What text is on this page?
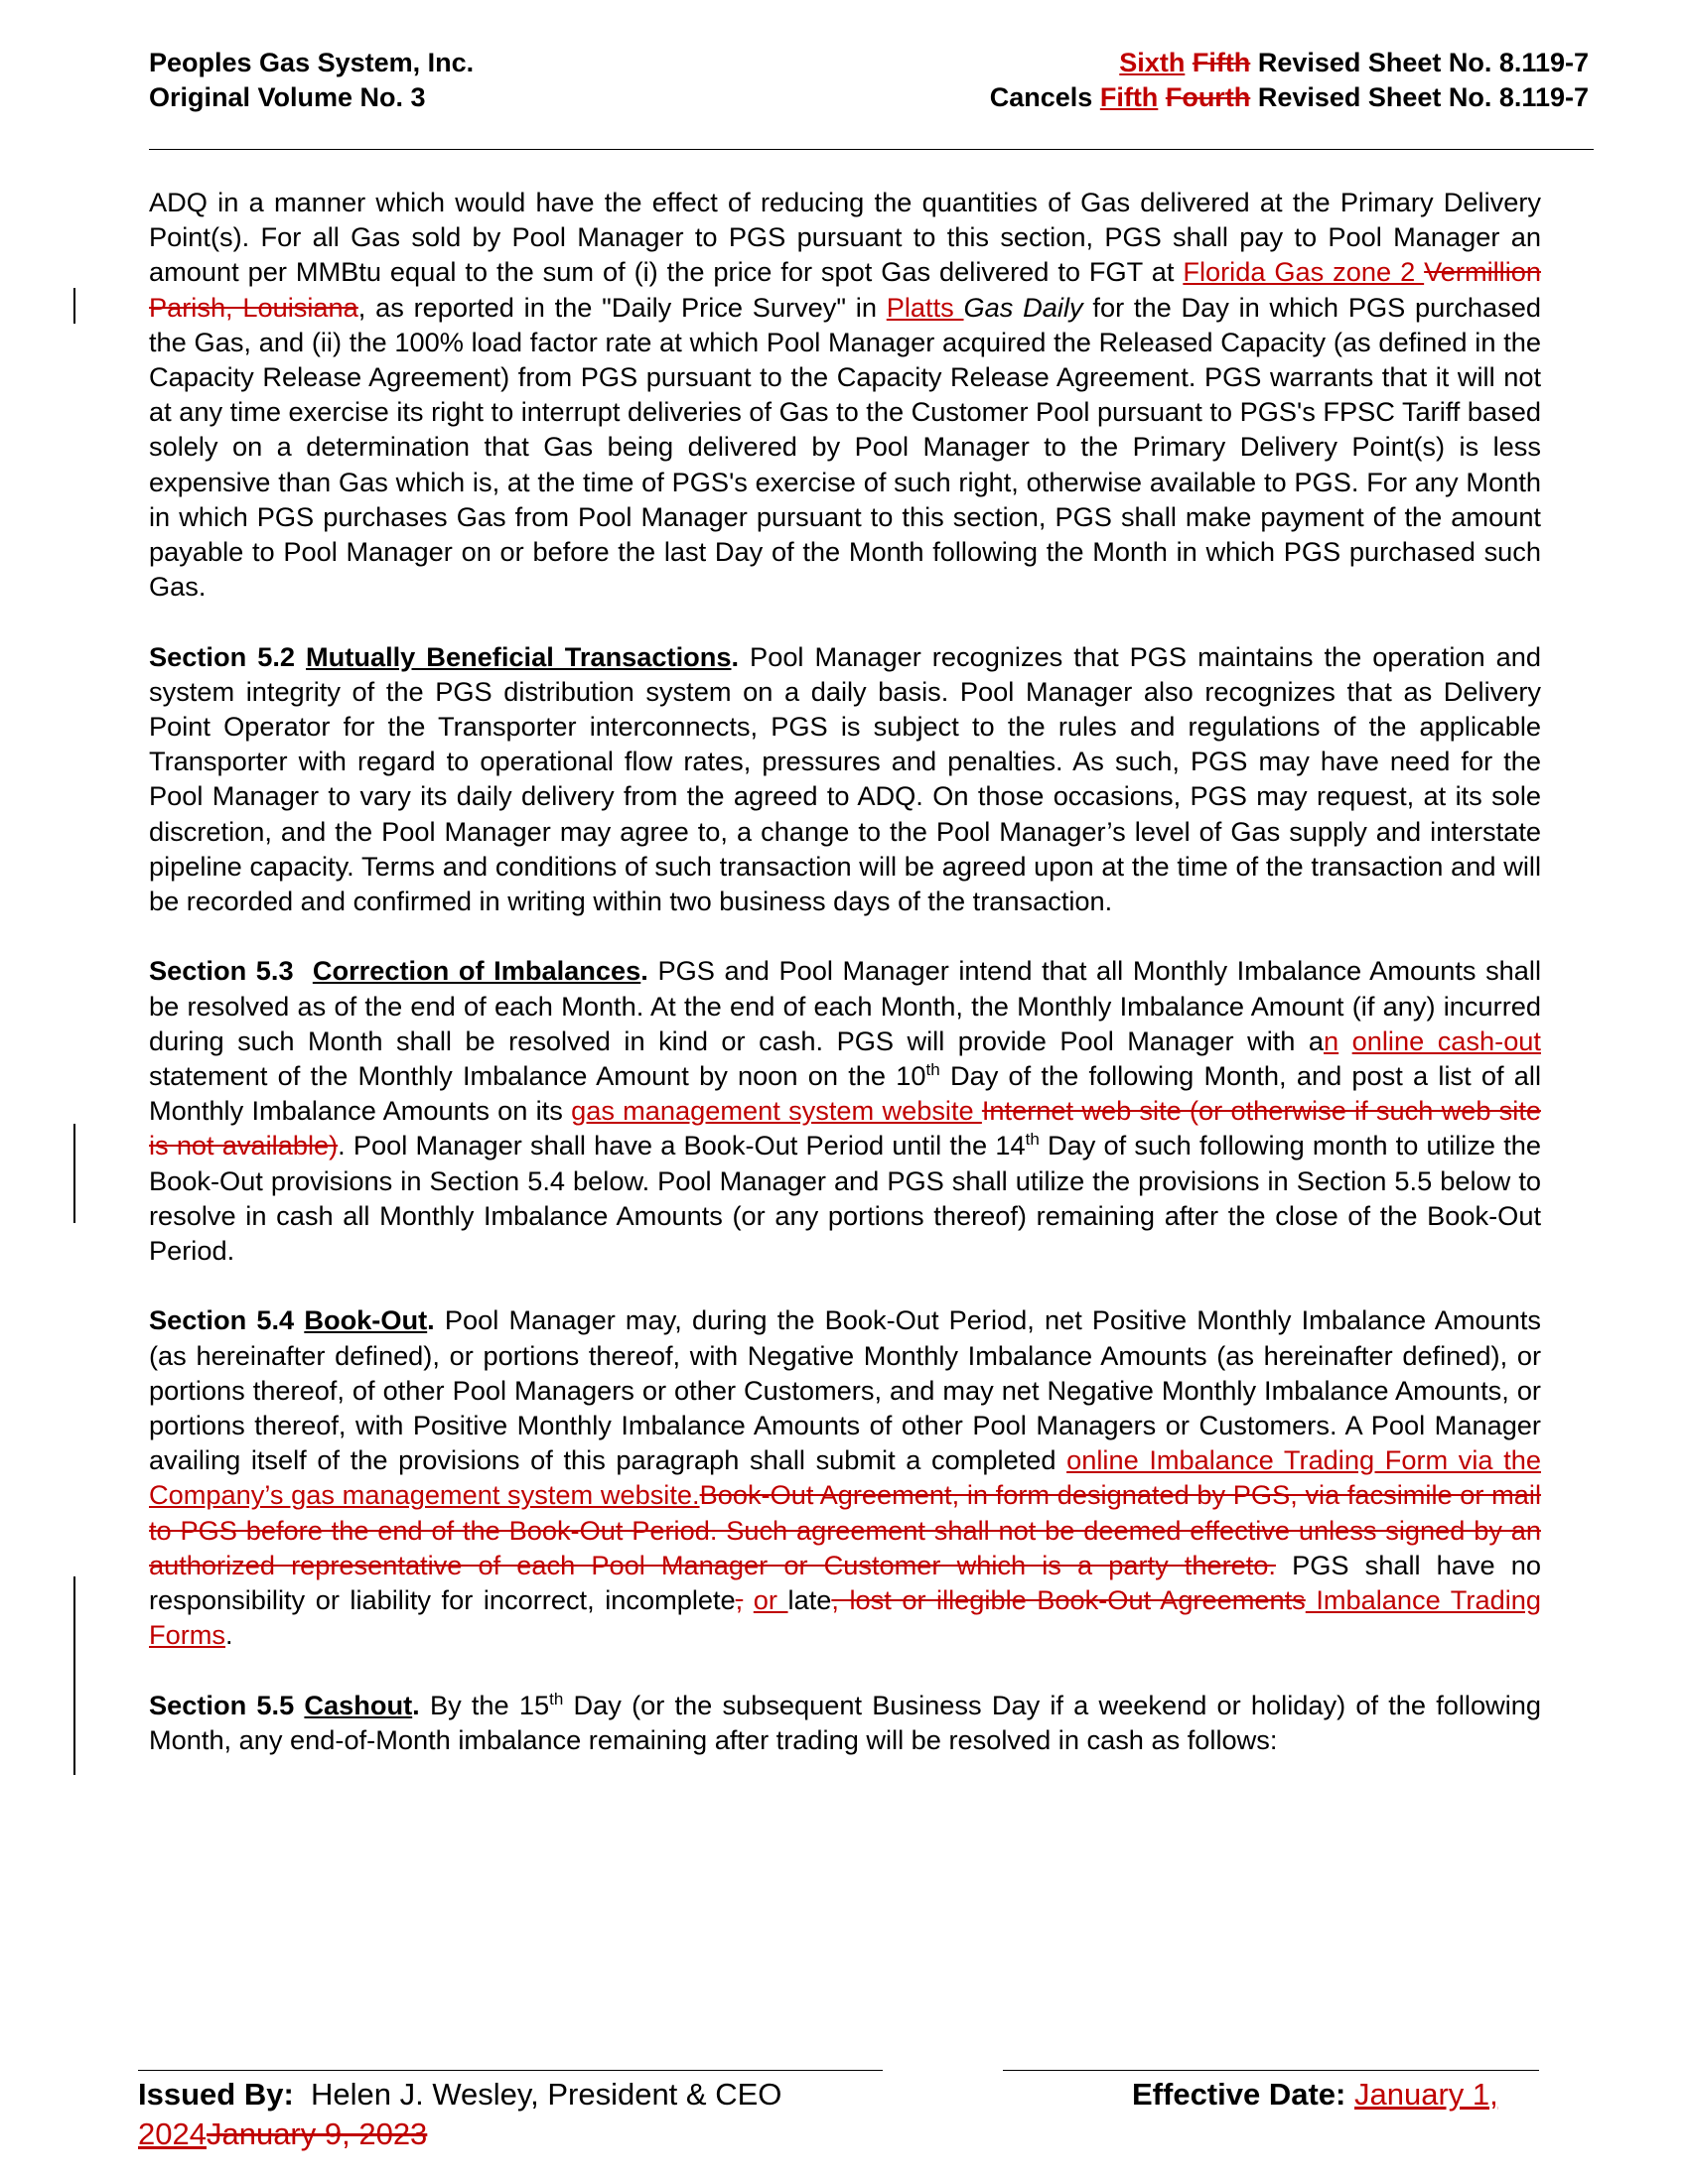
Peoples Gas System, Inc.
Original Volume No. 3
Sixth Fifth Revised Sheet No. 8.119-7
Cancels Fifth Fourth Revised Sheet No. 8.119-7

ADQ in a manner which would have the effect of reducing the quantities of Gas delivered at the Primary Delivery Point(s). For all Gas sold by Pool Manager to PGS pursuant to this section, PGS shall pay to Pool Manager an amount per MMBtu equal to the sum of (i) the price for spot Gas delivered to FGT at Florida Gas zone 2 Vermillion Parish, Louisiana, as reported in the "Daily Price Survey" in Platts Gas Daily for the Day in which PGS purchased the Gas, and (ii) the 100% load factor rate at which Pool Manager acquired the Released Capacity (as defined in the Capacity Release Agreement) from PGS pursuant to the Capacity Release Agreement. PGS warrants that it will not at any time exercise its right to interrupt deliveries of Gas to the Customer Pool pursuant to PGS's FPSC Tariff based solely on a determination that Gas being delivered by Pool Manager to the Primary Delivery Point(s) is less expensive than Gas which is, at the time of PGS's exercise of such right, otherwise available to PGS. For any Month in which PGS purchases Gas from Pool Manager pursuant to this section, PGS shall make payment of the amount payable to Pool Manager on or before the last Day of the Month following the Month in which PGS purchased such Gas.

Section 5.2 Mutually Beneficial Transactions. Pool Manager recognizes that PGS maintains the operation and system integrity of the PGS distribution system on a daily basis. Pool Manager also recognizes that as Delivery Point Operator for the Transporter interconnects, PGS is subject to the rules and regulations of the applicable Transporter with regard to operational flow rates, pressures and penalties. As such, PGS may have need for the Pool Manager to vary its daily delivery from the agreed to ADQ. On those occasions, PGS may request, at its sole discretion, and the Pool Manager may agree to, a change to the Pool Manager’s level of Gas supply and interstate pipeline capacity. Terms and conditions of such transaction will be agreed upon at the time of the transaction and will be recorded and confirmed in writing within two business days of the transaction.

Section 5.3 Correction of Imbalances. PGS and Pool Manager intend that all Monthly Imbalance Amounts shall be resolved as of the end of each Month. At the end of each Month, the Monthly Imbalance Amount (if any) incurred during such Month shall be resolved in kind or cash. PGS will provide Pool Manager with an online cash-out statement of the Monthly Imbalance Amount by noon on the 10th Day of the following Month, and post a list of all Monthly Imbalance Amounts on its gas management system website Internet web site (or otherwise if such web site is not available). Pool Manager shall have a Book-Out Period until the 14th Day of such following month to utilize the Book-Out provisions in Section 5.4 below. Pool Manager and PGS shall utilize the provisions in Section 5.5 below to resolve in cash all Monthly Imbalance Amounts (or any portions thereof) remaining after the close of the Book-Out Period.

Section 5.4 Book-Out. Pool Manager may, during the Book-Out Period, net Positive Monthly Imbalance Amounts (as hereinafter defined), or portions thereof, with Negative Monthly Imbalance Amounts (as hereinafter defined), or portions thereof, of other Pool Managers or other Customers, and may net Negative Monthly Imbalance Amounts, or portions thereof, with Positive Monthly Imbalance Amounts of other Pool Managers or Customers. A Pool Manager availing itself of the provisions of this paragraph shall submit a completed online Imbalance Trading Form via the Company’s gas management system website.Book-Out Agreement, in form designated by PGS, via facsimile or mail to PGS before the end of the Book-Out Period. Such agreement shall not be deemed effective unless signed by an authorized representative of each Pool Manager or Customer which is a party thereto. PGS shall have no responsibility or liability for incorrect, incomplete, or late, lost or illegible Book-Out Agreements Imbalance Trading Forms.

Section 5.5 Cashout. By the 15th Day (or the subsequent Business Day if a weekend or holiday) of the following Month, any end-of-Month imbalance remaining after trading will be resolved in cash as follows:

Issued By:  Helen J. Wesley, President & CEO	Effective Date: January 1,
2024January 9, 2023
